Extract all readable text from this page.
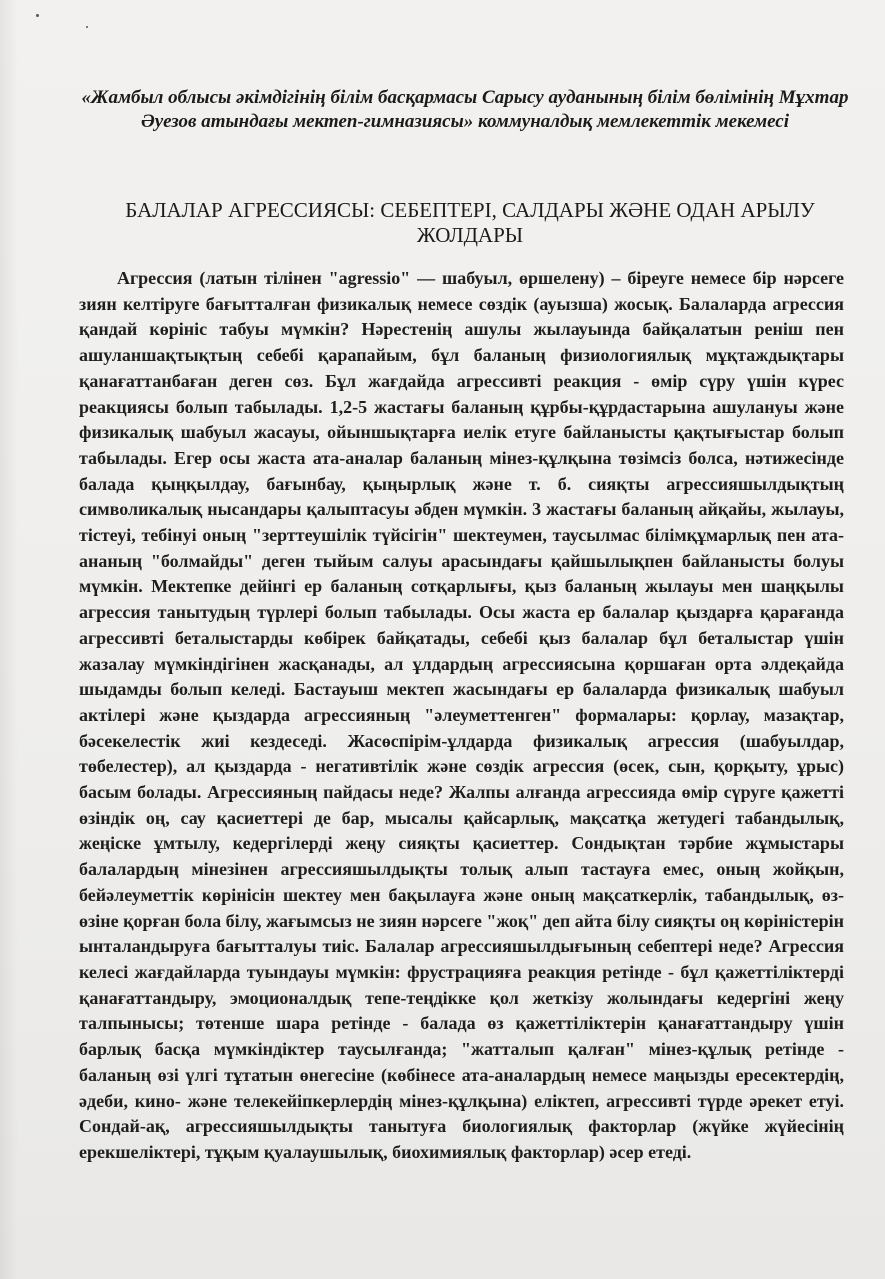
«Жамбыл облысы әкімдігінің білім басқармасы Сарысу ауданының білім бөлімінің Мұхтар Әуезов атындағы мектеп-гимназиясы» коммуналдық мемлекеттік мекемесі

БАЛАЛАР АГРЕССИЯСЫ: СЕБЕПТЕРІ, САЛДАРЫ ЖӘНЕ ОДАН АРЫЛУ ЖОЛДАРЫ

Агрессия (латын тілінен "agressio" — шабуыл, өршелену) – біреуге немесе бір нәрсеге зиян келтіруге бағытталған физикалық немесе сөздік (ауызша) жосық. Балаларда агрессия қандай көрініс табуы мүмкін? Нәрестенің ашулы жылауында байқалатын реніш пен ашуланшақтықтың себебі қарапайым, бұл баланың физиологиялық мұқтаждықтары қанағаттанбаған деген сөз. Бұл жағдайда агрессивті реакция - өмір сүру үшін күрес реакциясы болып табылады. 1,2-5 жастағы баланың құрбы-құрдастарына ашулануы және физикалық шабуыл жасауы, ойыншықтарға иелік етуге байланысты қақтығыстар болып табылады. Егер осы жаста ата-аналар баланың мінез-құлқына төзімсіз болса, нәтижесінде балада қыңқылдау, бағынбау, қыңырлық және т. б. сияқты агрессияшылдықтың символикалық нысандары қалыптасуы әбден мүмкін. 3 жастағы баланың айқайы, жылауы, тістеуі, тебінуі оның "зерттеушілік түйсігін" шектеумен, таусылмас білімқұмарлық пен ата-ананың "болмайды" деген тыйым салуы арасындағы қайшылықпен байланысты болуы мүмкін. Мектепке дейінгі ер баланың сотқарлығы, қыз баланың жылауы мен шаңқылы агрессия танытудың түрлері болып табылады. Осы жаста ер балалар қыздарға қарағанда агрессивті беталыстарды көбірек байқатады, себебі қыз балалар бұл беталыстар үшін жазалау мүмкіндігінен жасқанады, ал ұлдардың агрессиясына қоршаған орта әлдеқайда шыдамды болып келеді. Бастауыш мектеп жасындағы ер балаларда физикалық шабуыл актілері және қыздарда агрессияның "әлеуметтенген" формалары: қорлау, мазақтар, бәсекелестік жиі кездеседі. Жасөспірім-ұлдарда физикалық агрессия (шабуылдар, төбелестер), ал қыздарда - негативтілік және сөздік агрессия (өсек, сын, қорқыту, ұрыс) басым болады. Агрессияның пайдасы неде? Жалпы алғанда агрессияда өмір сүруге қажетті өзіндік оң, сау қасиеттері де бар, мысалы қайсарлық, мақсатқа жетудегі табандылық, жеңіске ұмтылу, кедергілерді жеңу сияқты қасиеттер. Сондықтан тәрбие жұмыстары балалардың мінезінен агрессияшылдықты толық алып тастауға емес, оның жойқын, бейәлеуметтік көрінісін шектеу мен бақылауға және оның мақсаткерлік, табандылық, өз-өзіне қорған бола білу, жағымсыз не зиян нәрсеге "жоқ" деп айта білу сияқты оң көріністерін ынталандыруға бағытталуы тиіс. Балалар агрессияшылдығының себептері неде? Агрессия келесі жағдайларда туындауы мүмкін: фрустрацияға реакция ретінде - бұл қажеттіліктерді қанағаттандыру, эмоционалдық тепе-теңдікке қол жеткізу жолындағы кедергіні жеңу талпынысы; төтенше шара ретінде - балада өз қажеттіліктерін қанағаттандыру үшін барлық басқа мүмкіндіктер таусылғанда; "жатталып қалған" мінез-құлық ретінде - баланың өзі үлгі тұтатын өнегесіне (көбінесе ата-аналардың немесе маңызды ересектердің, әдеби, кино- және телекейіпкерлердің мінез-құлқына) еліктеп, агрессивті түрде әрекет етуі. Сондай-ақ, агрессияшылдықты танытуға биологиялық факторлар (жүйке жүйесінің ерекшеліктері, тұқым қуалаушылық, биохимиялық факторлар) әсер етеді.
